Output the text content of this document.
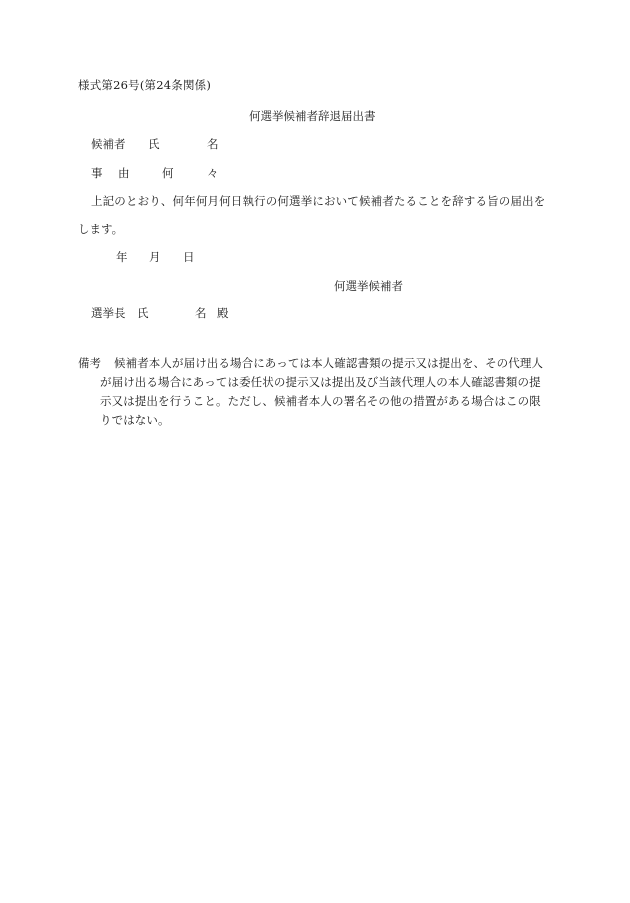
様式第26号(第24条関係)
何選挙候補者辞退届出書
候補者 氏	名
事 由	何	々
上記のとおり、何年何月何日執行の何選挙において候補者たることを辞する旨の届出を
します。
年 月 日
何選挙候補者
選挙長 氏	名 殿
備考 候補者本人が届け出る場合にあっては本人確認書類の提示又は提出を、その代理人
が届け出る場合にあっては委任状の提示又は提出及び当該代理人の本人確認書類の提
示又は提出を行うこと。ただし、候補者本人の署名その他の措置がある場合はこの限
りではない。
